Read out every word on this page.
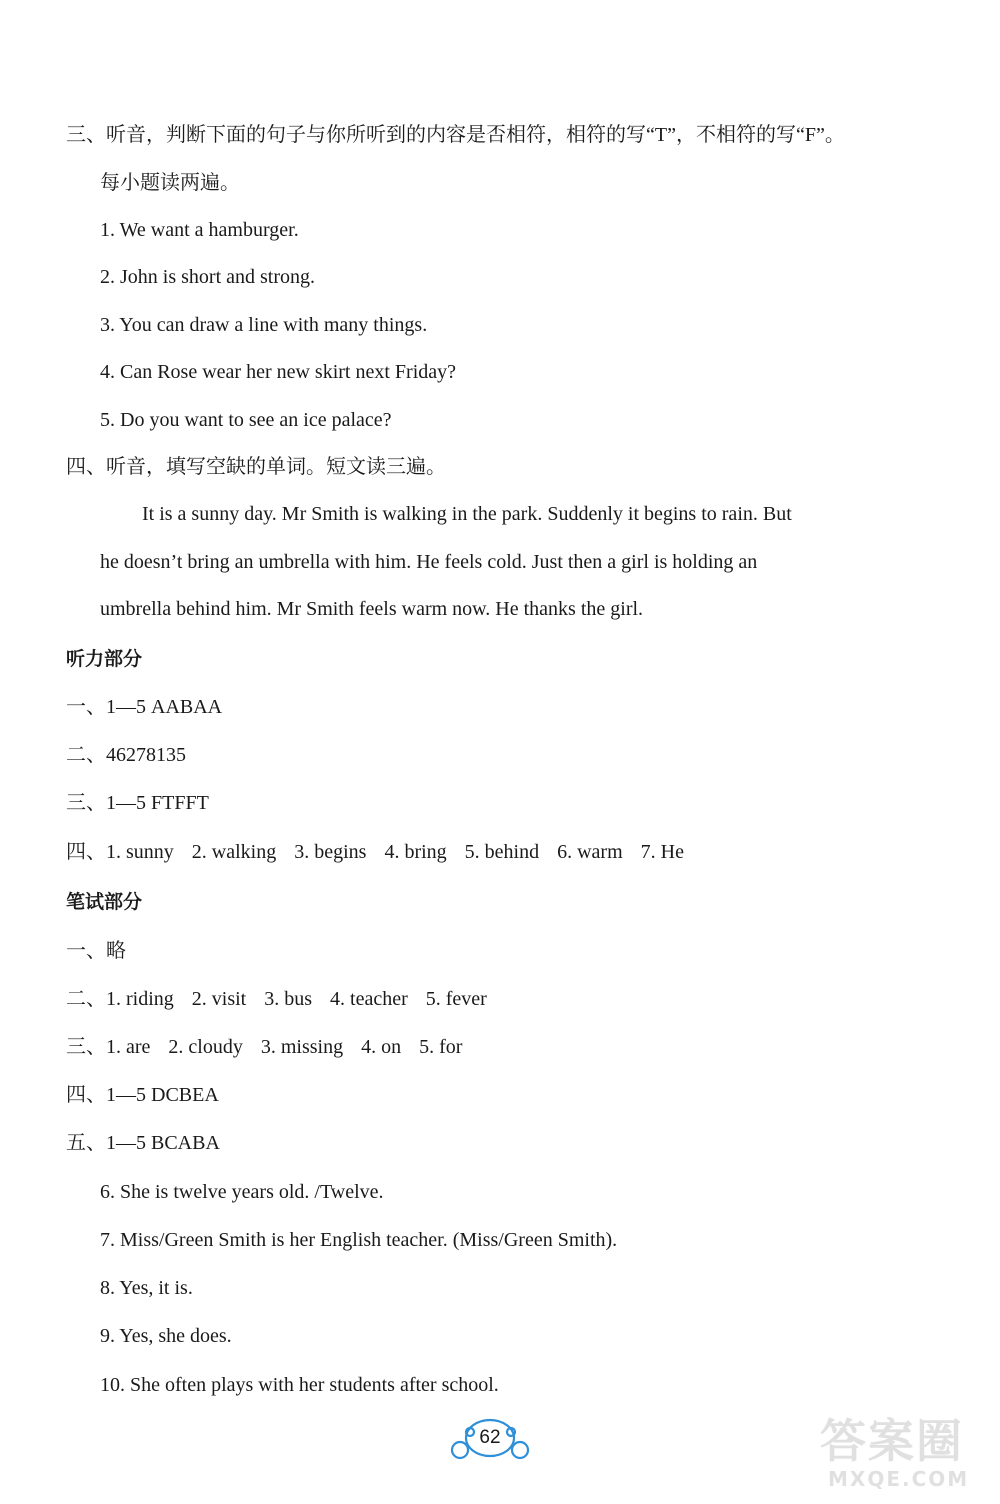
三、听音，判断下面的句子与你所听到的内容是否相符，相符的写“T”，不相符的写“F”。
每小题读两遍。
1. We want a hamburger.
2. John is short and strong.
3. You can draw a line with many things.
4. Can Rose wear her new skirt next Friday?
5. Do you want to see an ice palace?
四、听音，填写空缺的单词。短文读三遍。
It is a sunny day. Mr Smith is walking in the park. Suddenly it begins to rain. But
he doesn’t bring an umbrella with him. He feels cold. Just then a girl is holding an
umbrella behind him. Mr Smith feels warm now. He thanks the girl.
听力部分
一、1—5 AABAA
二、46278135
三、1—5 FTFFT
四、1. sunny 2. walking 3. begins 4. bring 5. behind 6. warm 7. He
笔试部分
一、略
二、1. riding 2. visit 3. bus 4. teacher 5. fever
三、1. are 2. cloudy 3. missing 4. on 5. for
四、1—5 DCBEA
五、1—5 BCABA
6. She is twelve years old. /Twelve.
7. Miss/Green Smith is her English teacher. (Miss/Green Smith).
8. Yes, it is.
9. Yes, she does.
10. She often plays with her students after school.
62	答案圈
MXQE.COM
